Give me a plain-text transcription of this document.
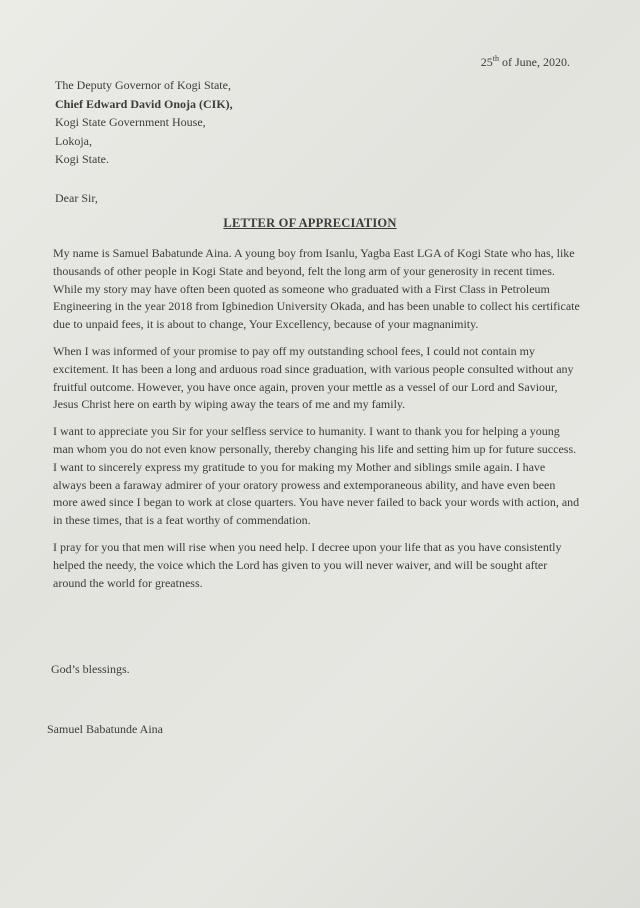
25th of June, 2020.
The Deputy Governor of Kogi State,
Chief Edward David Onoja (CIK),
Kogi State Government House,
Lokoja,
Kogi State.
Dear Sir,
LETTER OF APPRECIATION

My name is Samuel Babatunde Aina. A young boy from Isanlu, Yagba East LGA of Kogi State who has, like thousands of other people in Kogi State and beyond, felt the long arm of your generosity in recent times. While my story may have often been quoted as someone who graduated with a First Class in Petroleum Engineering in the year 2018 from Igbinedion University Okada, and has been unable to collect his certificate due to unpaid fees, it is about to change, Your Excellency, because of your magnanimity.

When I was informed of your promise to pay off my outstanding school fees, I could not contain my excitement. It has been a long and arduous road since graduation, with various people consulted without any fruitful outcome. However, you have once again, proven your mettle as a vessel of our Lord and Saviour, Jesus Christ here on earth by wiping away the tears of me and my family.

I want to appreciate you Sir for your selfless service to humanity. I want to thank you for helping a young man whom you do not even know personally, thereby changing his life and setting him up for future success. I want to sincerely express my gratitude to you for making my Mother and siblings smile again. I have always been a faraway admirer of your oratory prowess and extemporaneous ability, and have even been more awed since I began to work at close quarters. You have never failed to back your words with action, and in these times, that is a feat worthy of commendation.

I pray for you that men will rise when you need help. I decree upon your life that as you have consistently helped the needy, the voice which the Lord has given to you will never waiver, and will be sought after around the world for greatness.

God’s blessings.
Samuel Babatunde Aina
